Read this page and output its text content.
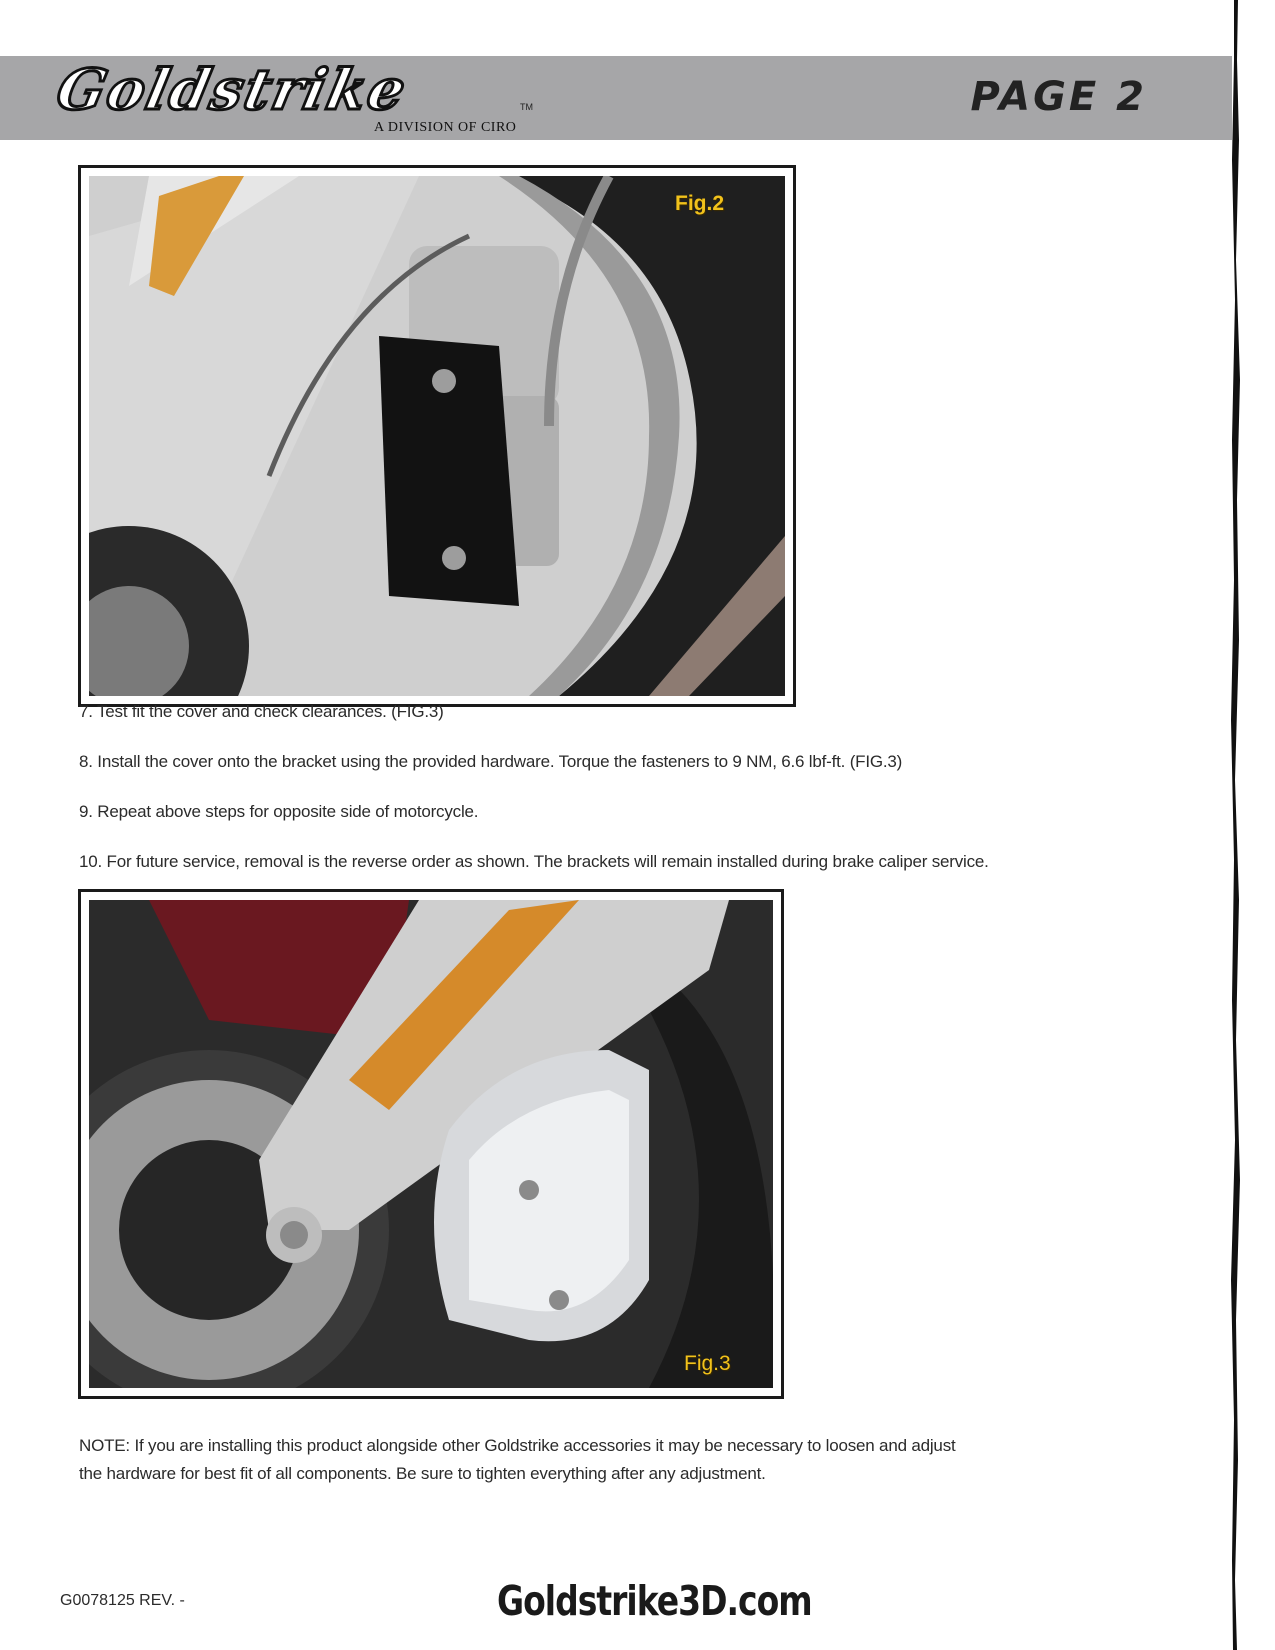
Goldstrike	TM
A DIVISION OF CIRO
PAGE 2
Fig.2

7. Test fit the cover and check clearances. (FIG.3)

8. Install the cover onto the bracket using the provided hardware. Torque the fasteners to 9 NM, 6.6 lbf-ft. (FIG.3)

9. Repeat above steps for opposite side of motorcycle.

10. For future service, removal is the reverse order as shown. The brackets will remain installed during brake caliper service.

Fig.3

NOTE: If you are installing this product alongside other Goldstrike accessories it may be necessary to loosen and adjust the hardware for best fit of all components. Be sure to tighten everything after any adjustment.

G0078125 REV. -	Goldstrike3D.com
